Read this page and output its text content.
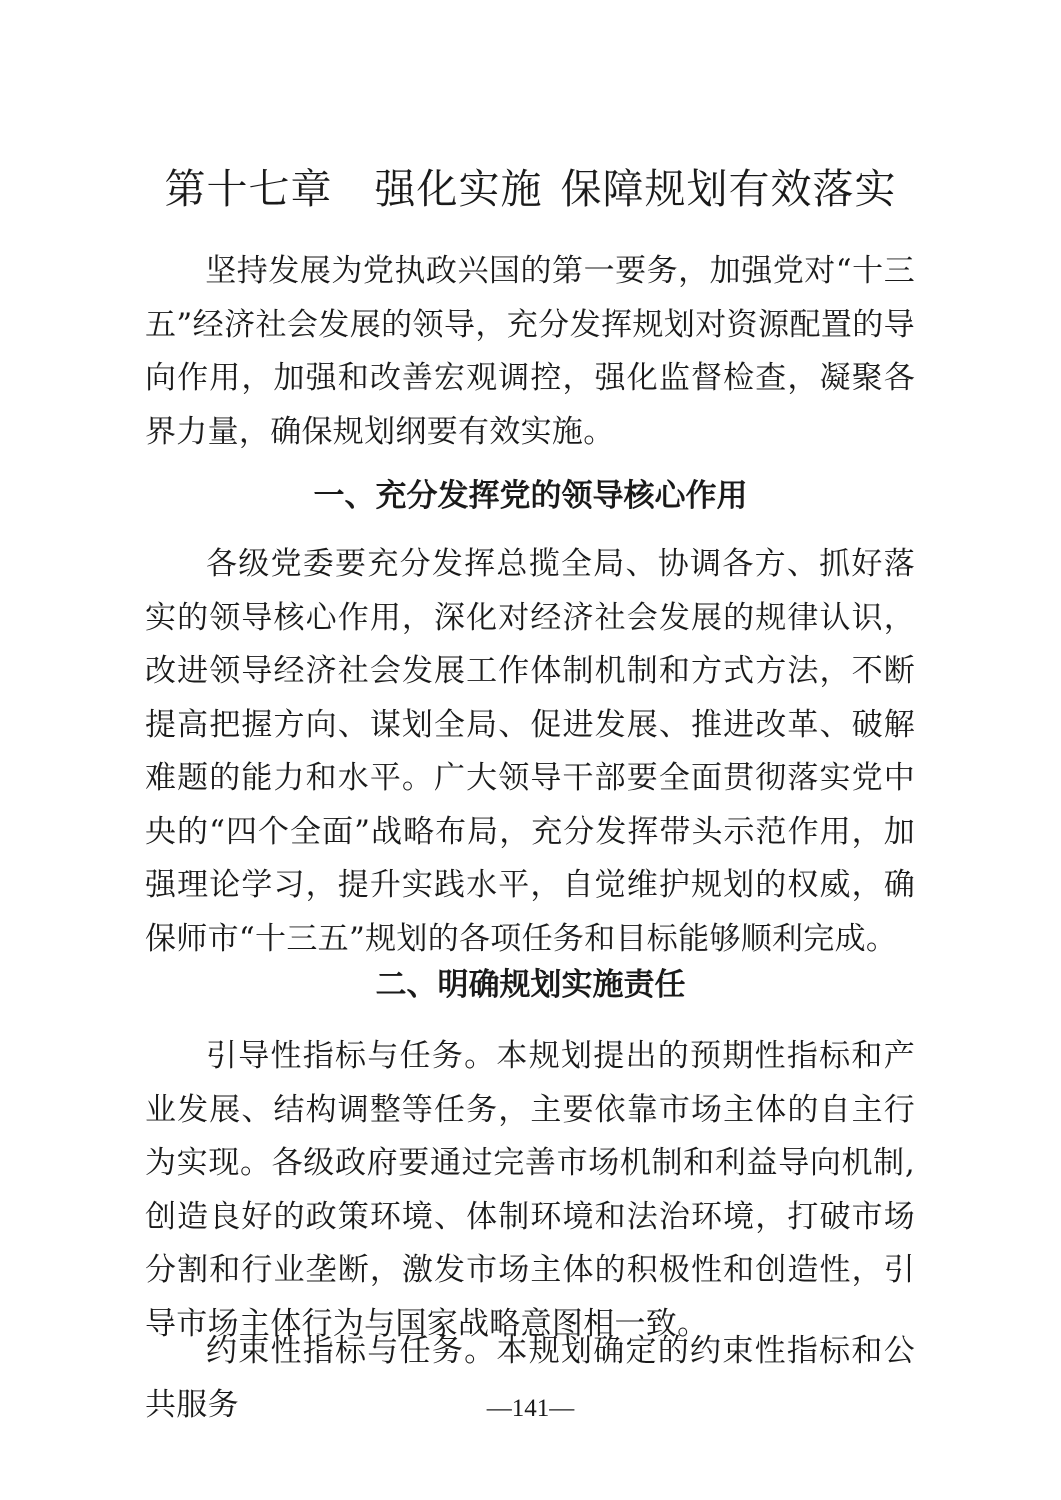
第十七章 强化实施 保障规划有效落实

坚持发展为党执政兴国的第一要务，加强党对“十三五”经济社会发展的领导，充分发挥规划对资源配置的导向作用，加强和改善宏观调控，强化监督检查，凝聚各界力量，确保规划纲要有效实施。

一、充分发挥党的领导核心作用

各级党委要充分发挥总揽全局、协调各方、抓好落实的领导核心作用，深化对经济社会发展的规律认识，改进领导经济社会发展工作体制机制和方式方法，不断提高把握方向、谋划全局、促进发展、推进改革、破解难题的能力和水平。广大领导干部要全面贯彻落实党中央的“四个全面”战略布局，充分发挥带头示范作用，加强理论学习，提升实践水平，自觉维护规划的权威，确保师市“十三五”规划的各项任务和目标能够顺利完成。

二、明确规划实施责任

引导性指标与任务。本规划提出的预期性指标和产业发展、结构调整等任务，主要依靠市场主体的自主行为实现。各级政府要通过完善市场机制和利益导向机制,创造良好的政策环境、体制环境和法治环境，打破市场分割和行业垄断，激发市场主体的积极性和创造性，引导市场主体行为与国家战略意图相一致。

约束性指标与任务。本规划确定的约束性指标和公共服务	—141—
